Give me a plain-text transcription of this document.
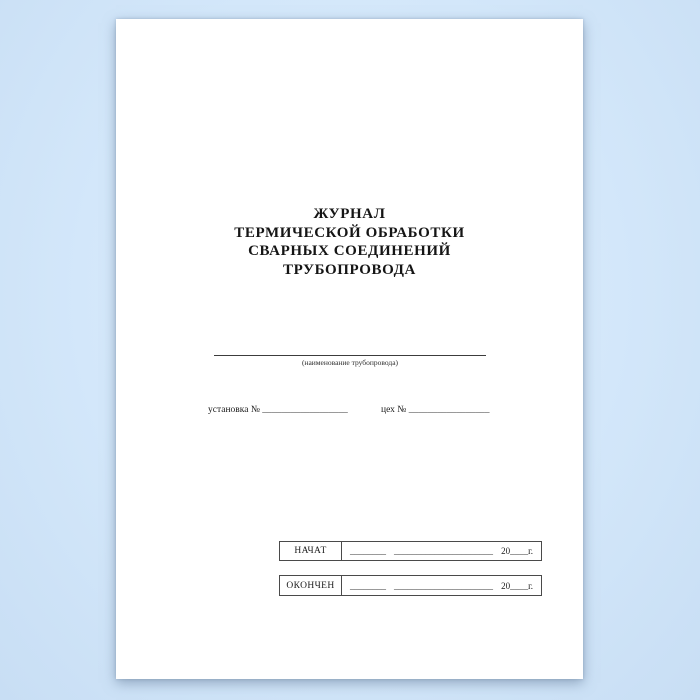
ЖУРНАЛ
ТЕРМИЧЕСКОЙ ОБРАБОТКИ
СВАРНЫХ СОЕДИНЕНИЙ
ТРУБОПРОВОДА
(наименование трубопровода)
установка № __________________	цех № _________________
НАЧАТ	________ ______________________ 20____г.
ОКОНЧЕН	________ ______________________ 20____г.
